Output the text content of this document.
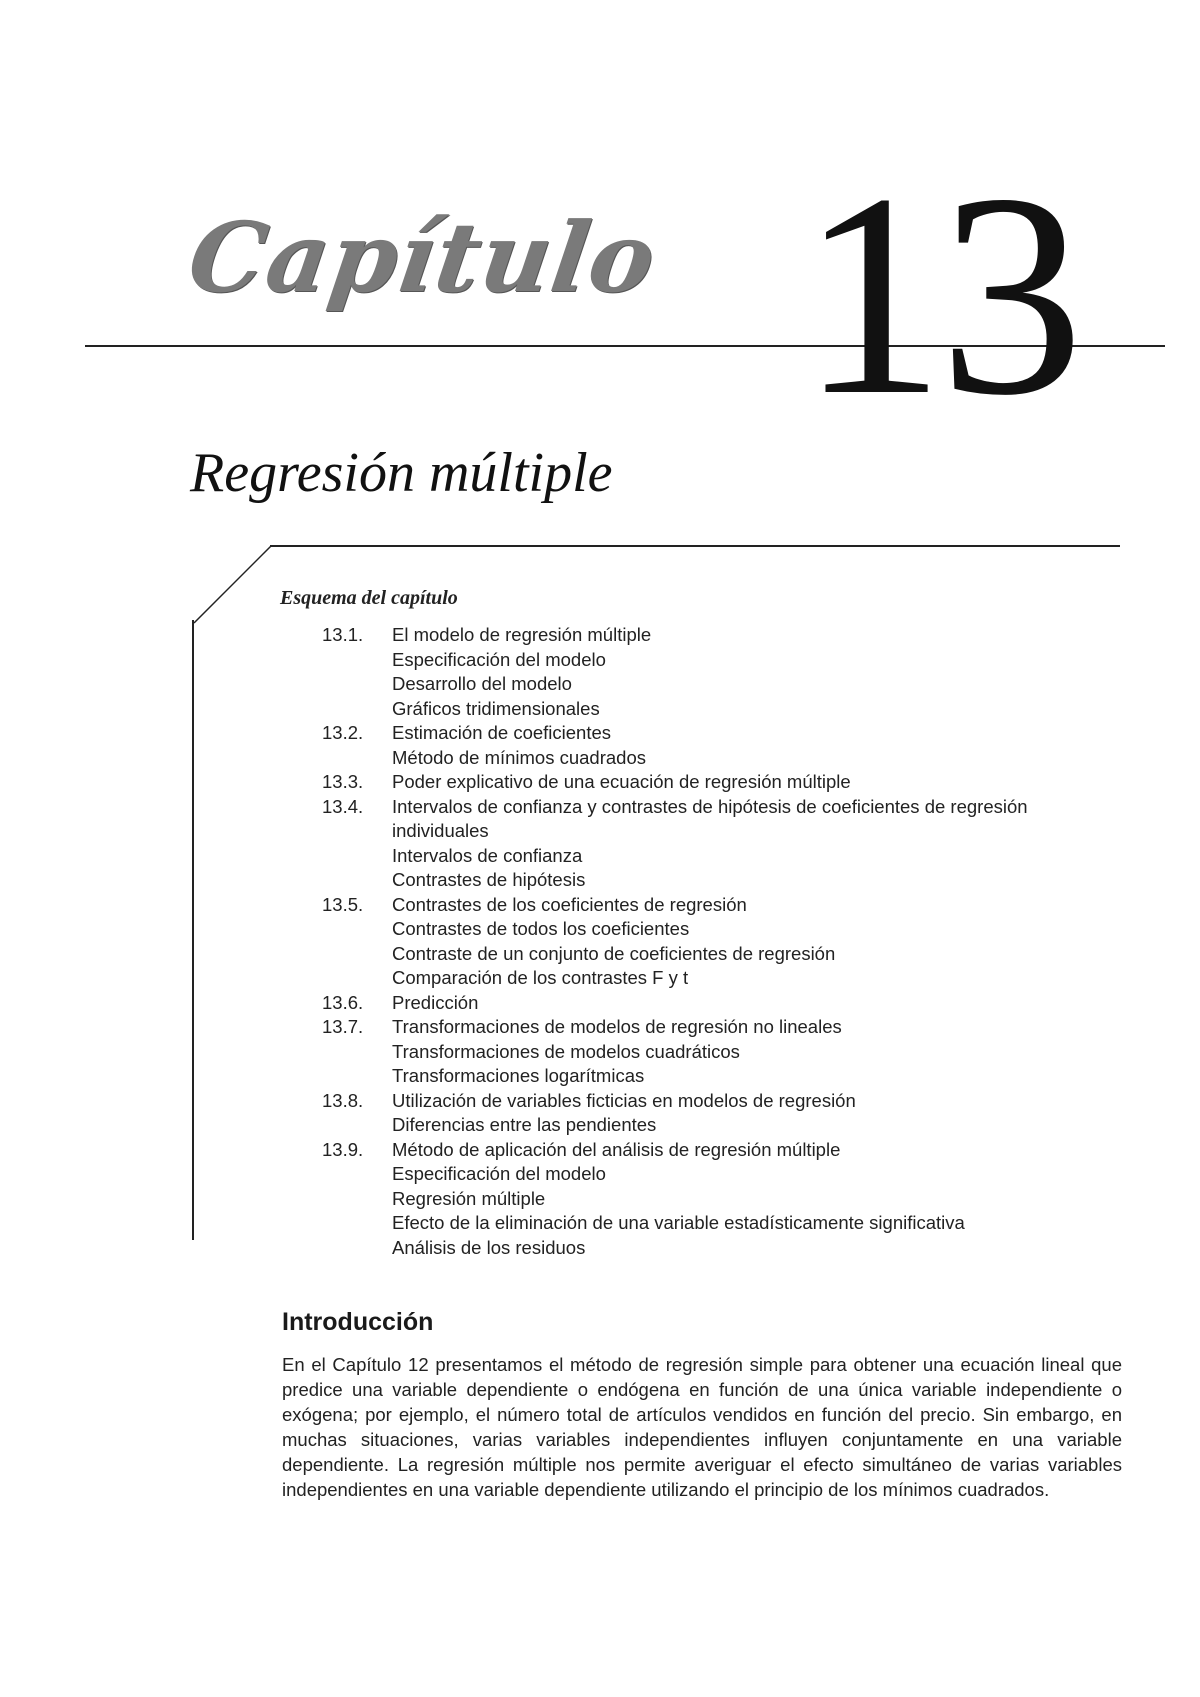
Capítulo 13
Regresión múltiple
Esquema del capítulo
13.1.	El modelo de regresión múltiple
Especificación del modelo
Desarrollo del modelo
Gráficos tridimensionales
13.2.	Estimación de coeficientes
Método de mínimos cuadrados
13.3.	Poder explicativo de una ecuación de regresión múltiple
13.4.	Intervalos de confianza y contrastes de hipótesis de coeficientes de regresión
individuales
Intervalos de confianza
Contrastes de hipótesis
13.5.	Contrastes de los coeficientes de regresión
Contrastes de todos los coeficientes
Contraste de un conjunto de coeficientes de regresión
Comparación de los contrastes F y t
13.6.	Predicción
13.7.	Transformaciones de modelos de regresión no lineales
Transformaciones de modelos cuadráticos
Transformaciones logarítmicas
13.8.	Utilización de variables ficticias en modelos de regresión
Diferencias entre las pendientes
13.9.	Método de aplicación del análisis de regresión múltiple
Especificación del modelo
Regresión múltiple
Efecto de la eliminación de una variable estadísticamente significativa
Análisis de los residuos
Introducción

En el Capítulo 12 presentamos el método de regresión simple para obtener una ecuación lineal que predice una variable dependiente o endógena en función de una única variable independiente o exógena; por ejemplo, el número total de artículos vendidos en función del precio. Sin embargo, en muchas situaciones, varias variables independientes influyen conjuntamente en una variable dependiente. La regresión múltiple nos permite averiguar el efecto simultáneo de varias variables independientes en una variable dependiente utilizando el principio de los mínimos cuadrados.
